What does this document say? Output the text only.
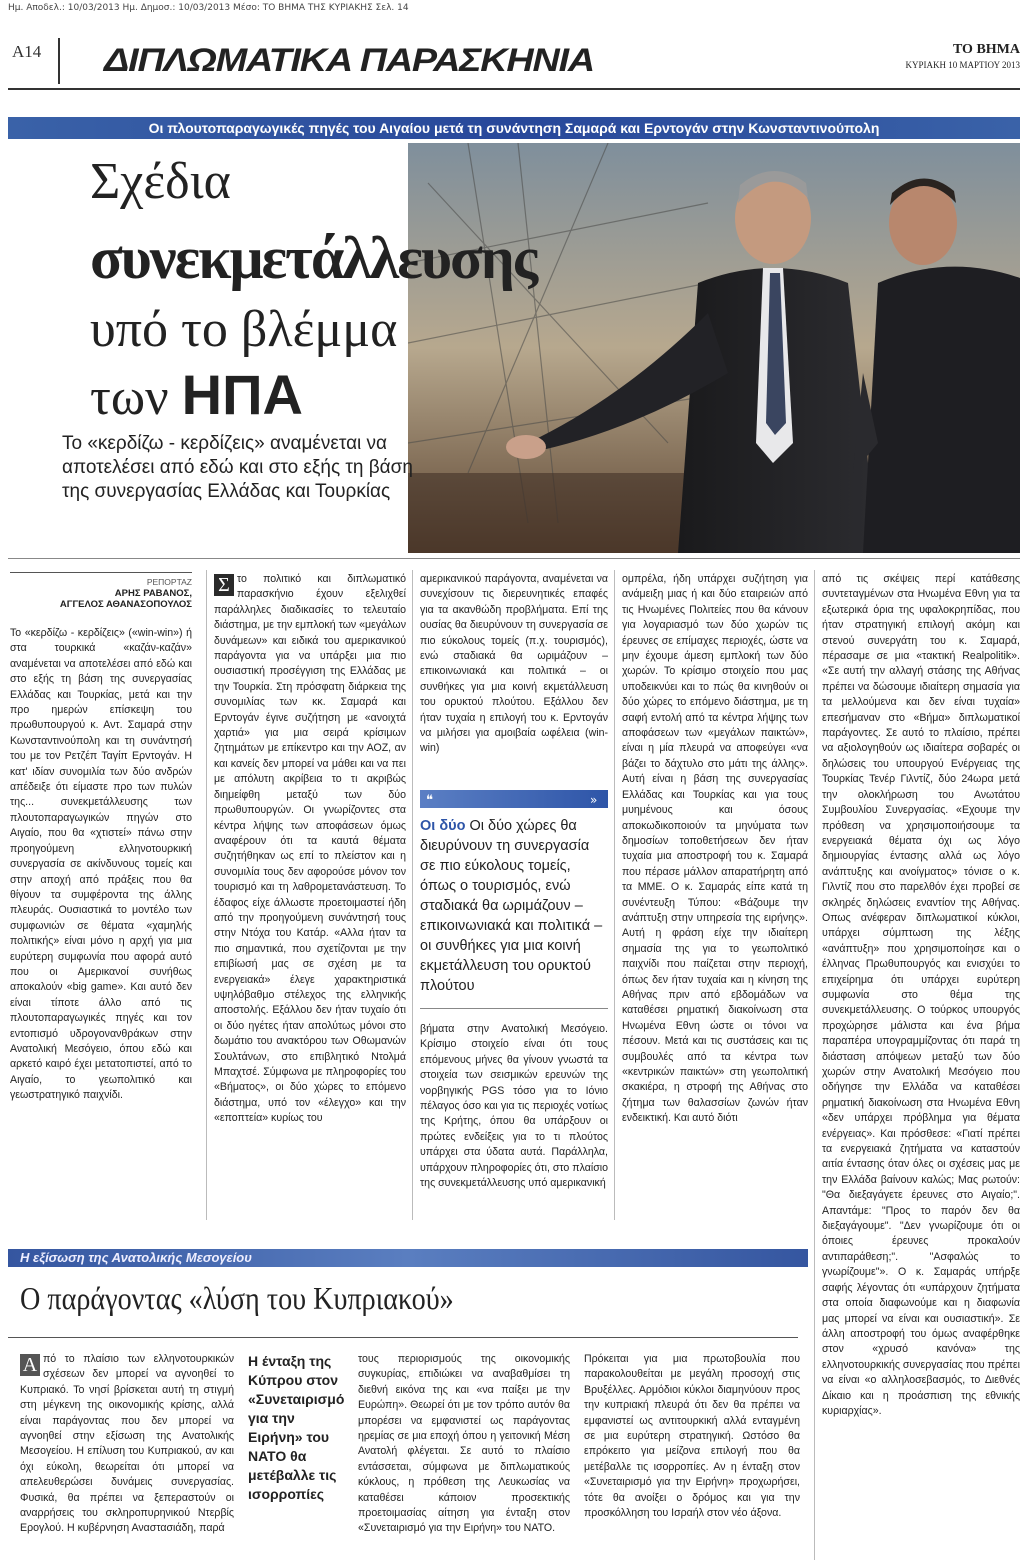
Ημ. Αποδελ.: 10/03/2013 Ημ. Δημοσ.: 10/03/2013 Μέσο: ΤΟ ΒΗΜΑ ΤΗΣ ΚΥΡΙΑΚΗΣ Σελ. 14
Α14 ΔΙΠΛΩΜΑΤΙΚΑ ΠΑΡΑΣΚΗΝΙΑ	ΤΟ ΒΗΜΑ
ΚΥΡΙΑΚΗ 10 ΜΑΡΤΙΟΥ 2013
Οι πλουτοπαραγωγικές πηγές του Αιγαίου μετά τη συνάντηση Σαμαρά και Ερντογάν στην Κωνσταντινούπολη
Σχέδια
συνεκμετάλλευσης
υπό το βλέμμα
των ΗΠΑ
Το «κερδίζω - κερδίζεις» αναμένεται να αποτελέσει από εδώ και στο εξής τη βάση της συνεργασίας Ελλάδας και Τουρκίας
ΡΕΠΟΡΤΑΖ
ΑΡΗΣ ΡΑΒΑΝΟΣ,
ΑΓΓΕΛΟΣ ΑΘΑΝΑΣΟΠΟΥΛΟΣ
Το «κερδίζω - κερδίζεις» («win-win») ή στα τουρκικά «καζάν-καζάν» αναμένεται να αποτελέσει από εδώ και στο εξής τη βάση της συνεργασίας Ελλάδας και Τουρκίας, μετά και την προ ημερών επίσκεψη του πρωθυπουργού κ. Αντ. Σαμαρά στην Κωνσταντινούπολη και τη συνάντησή του με τον Ρετζέπ Ταγίπ Ερντογάν. Η κατ' ιδίαν συνομιλία των δύο ανδρών απέδειξε ότι είμαστε προ των πυλών της... συνεκμετάλλευσης των πλουτοπαραγωγικών πηγών στο Αιγαίο, που θα «χτιστεί» πάνω στην προηγούμενη ελληνοτουρκική συνεργασία σε ακίνδυνους τομείς και στην αποχή από πράξεις που θα θίγουν τα συμφέροντα της άλλης πλευράς. Ουσιαστικά το μοντέλο των συμφωνιών σε θέματα «χαμηλής πολιτικής» είναι μόνο η αρχή για μια ευρύτερη συμφωνία που αφορά αυτό που οι Αμερικανοί συνήθως αποκαλούν «big game». Και αυτό δεν είναι τίποτε άλλο από τις πλουτοπαραγωγικές πηγές και τον εντοπισμό υδρογονανθράκων στην Ανατολική Μεσόγειο, όπου εδώ και αρκετό καιρό έχει μετατοπιστεί, από το Αιγαίο, το γεωπολιτικό και γεωστρατηγικό παιχνίδι.
Σ το πολιτικό και διπλωματικό παρασκήνιο έχουν εξελιχθεί παράλληλες διαδικασίες το τελευταίο διάστημα, με την εμπλοκή των «μεγάλων δυνάμεων» και ειδικά του αμερικανικού παράγοντα για να υπάρξει μια πιο ουσιαστική προσέγγιση της Ελλάδας με την Τουρκία. Στη πρόσφατη διάρκεια της συνομιλίας των κκ. Σαμαρά και Ερντογάν έγινε συζήτηση με «ανοιχτά χαρτιά» για μια σειρά κρίσιμων ζητημάτων με επίκεντρο και την ΑΟΖ, αν και κανείς δεν μπορεί να μάθει και να πει με απόλυτη ακρίβεια το τι ακριβώς διημείφθη μεταξύ των δύο πρωθυπουργών. Οι γνωρίζοντες στα κέντρα λήψης των αποφάσεων όμως αναφέρουν ότι τα καυτά θέματα συζητήθηκαν ως επί το πλείστον και η συνομιλία τους δεν αφορούσε μόνον τον τουρισμό και τη λαθρομετανάστευση. Το έδαφος είχε άλλωστε προετοιμαστεί ήδη από την προηγούμενη συνάντησή τους στην Ντόχα του Κατάρ. «Αλλα ήταν τα πιο σημαντικά, που σχετίζονται με την επιβίωσή μας σε σχέση με τα ενεργειακά» έλεγε χαρακτηριστικά υψηλόβαθμο στέλεχος της ελληνικής αποστολής. Εξάλλου δεν ήταν τυχαίο ότι οι δύο ηγέτες ήταν απολύτως μόνοι στο δωμάτιο του ανακτόρου των Οθωμανών Σουλτάνων, στο επιβλητικό Ντολμά Μπαχτσέ. Σύμφωνα με πληροφορίες του «Βήματος», οι δύο χώρες το επόμενο διάστημα, υπό τον «έλεγχο» και την «εποπτεία» κυρίως του
αμερικανικού παράγοντα, αναμένεται να συνεχίσουν τις διερευνητικές επαφές για τα ακανθώδη προβλήματα. Επί της ουσίας θα διευρύνουν τη συνεργασία σε πιο εύκολους τομείς (π.χ. τουρισμός), ενώ σταδιακά θα ωριμάζουν – επικοινωνιακά και πολιτικά – οι συνθήκες για μια κοινή εκμετάλλευση του ορυκτού πλούτου. Εξάλλου δεν ήταν τυχαία η επιλογή του κ. Ερντογάν να μιλήσει για αμοιβαία ωφέλεια (win-win)
❝	»
Οι δύο Οι δύο χώρες θα διευρύνουν τη συνεργασία σε πιο εύκολους τομείς, όπως ο τουρισμός, ενώ σταδιακά θα ωριμάζουν – επικοινωνιακά και πολιτικά – οι συνθήκες για μια κοινή εκμετάλλευση του ορυκτού πλούτου
βήματα στην Ανατολική Μεσόγειο. Κρίσιμο στοιχείο είναι ότι τους επόμενους μήνες θα γίνουν γνωστά τα στοιχεία των σεισμικών ερευνών της νορβηγικής PGS τόσο για το Ιόνιο πέλαγος όσο και για τις περιοχές νοτίως της Κρήτης, όπου θα υπάρξουν οι πρώτες ενδείξεις για το τι πλούτος υπάρχει στα ύδατα αυτά. Παράλληλα, υπάρχουν πληροφορίες ότι, στο πλαίσιο της συνεκμετάλλευσης υπό αμερικανική
ομπρέλα, ήδη υπάρχει συζήτηση για ανάμειξη μιας ή και δύο εταιρειών από τις Ηνωμένες Πολιτείες που θα κάνουν για λογαριασμό των δύο χωρών τις έρευνες σε επίμαχες περιοχές, ώστε να μην έχουμε άμεση εμπλοκή των δύο χωρών. Το κρίσιμο στοιχείο που μας υποδεικνύει και το πώς θα κινηθούν οι δύο χώρες το επόμενο διάστημα, με τη σαφή εντολή από τα κέντρα λήψης των αποφάσεων των «μεγάλων παικτών», είναι η μία πλευρά να αποφεύγει «να βάζει το δάχτυλο στο μάτι της άλλης». Αυτή είναι η βάση της συνεργασίας Ελλάδας και Τουρκίας και για τους μυημένους και όσους αποκωδικοποιούν τα μηνύματα των δημοσίων τοποθετήσεων δεν ήταν τυχαία μια αποστροφή του κ. Σαμαρά που πέρασε μάλλον απαρατήρητη από τα ΜΜΕ. Ο κ. Σαμαράς είπε κατά τη συνέντευξη Τύπου: «Βάζουμε την ανάπτυξη στην υπηρεσία της ειρήνης». Αυτή η φράση είχε την ιδιαίτερη σημασία της για το γεωπολιτικό παιχνίδι που παίζεται στην περιοχή, όπως δεν ήταν τυχαία και η κίνηση της Αθήνας πριν από εβδομάδων να καταθέσει ρηματική διακοίνωση στα Ηνωμένα Εθνη ώστε οι τόνοι να πέσουν. Μετά και τις συστάσεις και τις συμβουλές από τα κέντρα των «κεντρικών παικτών» στη γεωπολιτική σκακιέρα, η στροφή της Αθήνας στο ζήτημα των θαλασσίων ζωνών ήταν ενδεικτική. Και αυτό διότι
από τις σκέψεις περί κατάθεσης συντεταγμένων στα Ηνωμένα Εθνη για τα εξωτερικά όρια της υφαλοκρηπίδας, που ήταν στρατηγική επιλογή ακόμη και στενού συνεργάτη του κ. Σαμαρά, πέρασαμε σε μια «τακτική Realpolitik». «Σε αυτή την αλλαγή στάσης της Αθήνας πρέπει να δώσουμε ιδιαίτερη σημασία για τα μελλούμενα και δεν είναι τυχαία» επεσήμαναν στο «Βήμα» διπλωματικοί παράγοντες. Σε αυτό το πλαίσιο, πρέπει να αξιολογηθούν ως ιδιαίτερα σοβαρές οι δηλώσεις του υπουργού Ενέργειας της Τουρκίας Τενέρ Γιλντίζ, δύο 24ωρα μετά την ολοκλήρωση του Ανωτάτου Συμβουλίου Συνεργασίας. «Εχουμε την πρόθεση να χρησιμοποιήσουμε τα ενεργειακά θέματα όχι ως λόγο δημιουργίας έντασης αλλά ως λόγο ανάπτυξης και ανοίγματος» τόνισε ο κ. Γιλντίζ που στο παρελθόν έχει προβεί σε σκληρές δηλώσεις εναντίον της Αθήνας. Οπως ανέφεραν διπλωματικοί κύκλοι, υπάρχει σύμπτωση της λέξης «ανάπτυξη» που χρησιμοποίησε και ο έλληνας Πρωθυπουργός και ενισχύει το επιχείρημα ότι υπάρχει ευρύτερη συμφωνία στο θέμα της συνεκμετάλλευσης. Ο τούρκος υπουργός προχώρησε μάλιστα και ένα βήμα παραπέρα υπογραμμίζοντας ότι παρά τη διάσταση απόψεων μεταξύ των δύο χωρών στην Ανατολική Μεσόγειο που οδήγησε την Ελλάδα να καταθέσει ρηματική διακοίνωση στα Ηνωμένα Εθνη «δεν υπάρχει πρόβλημα για θέματα ενέργειας». Και πρόσθεσε: «Γιατί πρέπει τα ενεργειακά ζητήματα να καταστούν αιτία έντασης όταν όλες οι σχέσεις μας με την Ελλάδα βαίνουν καλώς; Μας ρωτούν: "Θα διεξαγάγετε έρευνες στο Αιγαίο;". Απαντάμε: "Προς το παρόν δεν θα διεξαγάγουμε". "Δεν γνωρίζουμε ότι οι όποιες έρευνες προκαλούν αντιπαράθεση;". "Ασφαλώς το γνωρίζουμε"». Ο κ. Σαμαράς υπήρξε σαφής λέγοντας ότι «υπάρχουν ζητήματα στα οποία διαφωνούμε και η διαφωνία μας μπορεί να είναι και ουσιαστική». Σε άλλη αποστροφή του όμως αναφέρθηκε στον «χρυσό κανόνα» της ελληνοτουρκικής συνεργασίας που πρέπει να είναι «ο αλληλοσεβασμός, το Διεθνές Δίκαιο και η προάσπιση της εθνικής κυριαρχίας».
Η εξίσωση της Ανατολικής Μεσογείου
Ο παράγοντας «λύση του Κυπριακού»
Α πό το πλαίσιο των ελληνοτουρκικών σχέσεων δεν μπορεί να αγνοηθεί το Κυπριακό. Το νησί βρίσκεται αυτή τη στιγμή στη μέγκενη της οικονομικής κρίσης, αλλά είναι παράγοντας που δεν μπορεί να αγνοηθεί στην εξίσωση της Ανατολικής Μεσογείου. Η επίλυση του Κυπριακού, αν και όχι εύκολη, θεωρείται ότι μπορεί να απελευθερώσει δυνάμεις συνεργασίας. Φυσικά, θα πρέπει να ξεπεραστούν οι αναρρήσεις του σκληροπυρηνικού Ντερβίς Ερογλού. Η κυβέρνηση Αναστασιάδη, παρά
Η ένταξη της Κύπρου στον «Συνεταιρισμό για την Ειρήνη» του ΝΑΤΟ θα μετέβαλλε τις ισορροπίες
τους περιορισμούς της οικονομικής συγκυρίας, επιδιώκει να αναβαθμίσει τη διεθνή εικόνα της και «να παίξει με την Ευρώπη». Θεωρεί ότι με τον τρόπο αυτόν θα μπορέσει να εμφανιστεί ως παράγοντας ηρεμίας σε μια εποχή όπου η γειτονική Μέση Ανατολή φλέγεται. Σε αυτό το πλαίσιο εντάσσεται, σύμφωνα με διπλωματικούς κύκλους, η πρόθεση της Λευκωσίας να καταθέσει κάποιον προσεκτικής προετοιμασίας αίτηση για ένταξη στον «Συνεταιρισμό για την Ειρήνη» του ΝΑΤΟ.
Πρόκειται για μια πρωτοβουλία που παρακολουθείται με μεγάλη προσοχή στις Βρυξέλλες. Αρμόδιοι κύκλοι διαμηνύουν προς την κυπριακή πλευρά ότι δεν θα πρέπει να εμφανιστεί ως αντιτουρκική αλλά ενταγμένη σε μια ευρύτερη στρατηγική. Ωστόσο θα επρόκειτο για μείζονα επιλογή που θα μετέβαλλε τις ισορροπίες. Αν η ένταξη στον «Συνεταιρισμό για την Ειρήνη» προχωρήσει, τότε θα ανοίξει ο δρόμος και για την προσκόλληση του Ισραήλ στον νέο άξονα.
